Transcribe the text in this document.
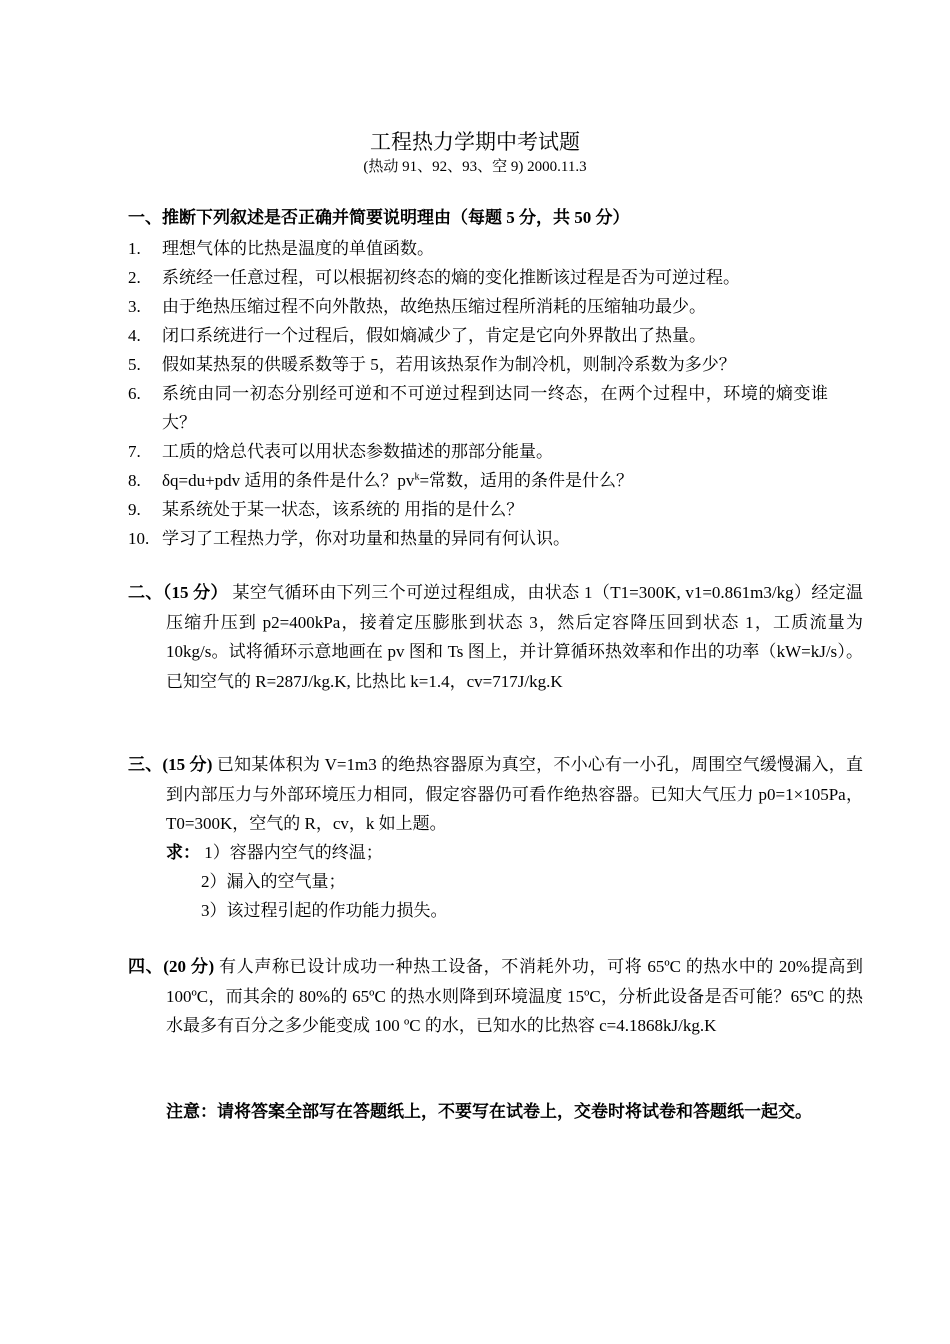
工程热力学期中考试题
(热动 91、92、93、空 9) 2000.11.3
一、推断下列叙述是否正确并简要说明理由（每题 5 分，共 50 分）
1. 理想气体的比热是温度的单值函数。
2. 系统经一任意过程，可以根据初终态的熵的变化推断该过程是否为可逆过程。
3. 由于绝热压缩过程不向外散热，故绝热压缩过程所消耗的压缩轴功最少。
4. 闭口系统进行一个过程后，假如熵减少了，肯定是它向外界散出了热量。
5. 假如某热泵的供暖系数等于 5，若用该热泵作为制冷机，则制冷系数为多少？
6. 系统由同一初态分别经可逆和不可逆过程到达同一终态，在两个过程中，环境的熵变谁大？
7. 工质的焓总代表可以用状态参数描述的那部分能量。
8. δq=du+pdv 适用的条件是什么？$pv^k=$常数，适用的条件是什么？
9. 某系统处于某一状态，该系统的 用指的是什么？
10. 学习了工程热力学，你对功量和热量的异同有何认识。
二、（15 分） 某空气循环由下列三个可逆过程组成，由状态 1（T1=300K, v1=0.861m3/kg）经定温压缩升压到 p2=400kPa，接着定压膨胀到状态 3，然后定容降压回到状态 1，工质流量为 10kg/s。试将循环示意地画在 pv 图和 Ts 图上，并计算循环热效率和作出的功率（kW=kJ/s）。已知空气的 R=287J/kg.K, 比热比 k=1.4，cv=717J/kg.K
三、(15 分) 已知某体积为 V=1m3 的绝热容器原为真空，不小心有一小孔，周围空气缓慢漏入，直到内部压力与外部环境压力相同，假定容器仍可看作绝热容器。已知大气压力 p0=1×105Pa，T0=300K，空气的 R，cv，k 如上题。
求： 1）容器内空气的终温；
2）漏入的空气量；
3）该过程引起的作功能力损失。
四、(20 分) 有人声称已设计成功一种热工设备，不消耗外功，可将 65ºC 的热水中的 20%提高到 100ºC，而其余的 80%的 65ºC 的热水则降到环境温度 15ºC，分析此设备是否可能？65ºC 的热水最多有百分之多少能变成 100 ºC 的水，已知水的比热容 c=4.1868kJ/kg.K
注意：请将答案全部写在答题纸上，不要写在试卷上，交卷时将试卷和答题纸一起交。
